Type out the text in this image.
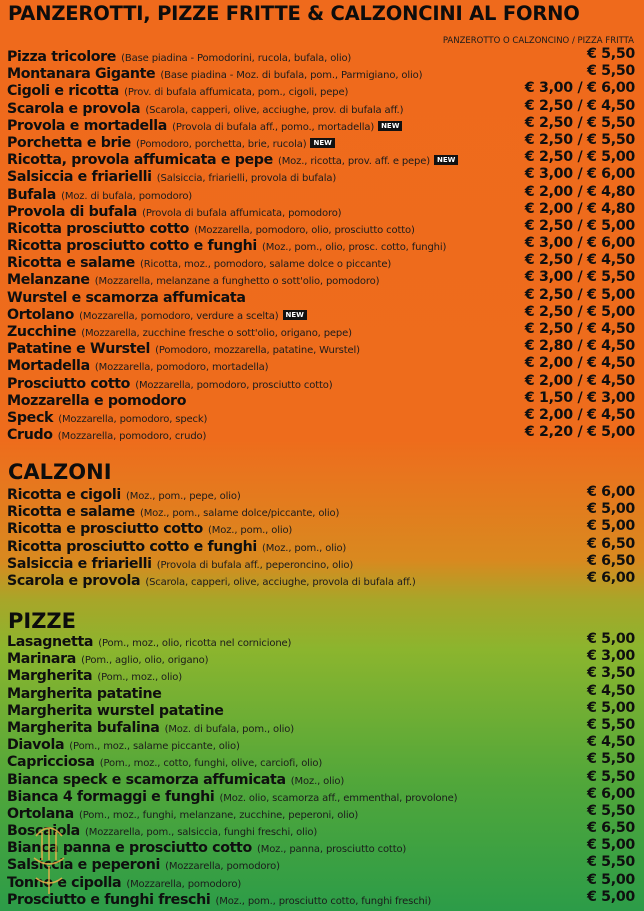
PANZEROTTI, PIZZE FRITTE & CALZONCINI AL FORNO
PANZEROTTO O CALZONCINO / PIZZA FRITTA
Pizza tricolore (Base piadina - Pomodorini, rucola, bufala, olio)	€ 5,50
Montanara Gigante (Base piadina - Moz. di bufala, pom., Parmigiano, olio)	€ 5,50
Cigoli e ricotta (Prov. di bufala affumicata, pom., cigoli, pepe)	€ 3,00 / € 6,00
Scarola e provola (Scarola, capperi, olive, acciughe, prov. di bufala aff.)	€ 2,50 / € 4,50
Provola e mortadella (Provola di bufala aff., pomo., mortadella) NEW	€ 2,50 / € 5,50
Porchetta e brie (Pomodoro, porchetta, brie, rucola) NEW	€ 2,50 / € 5,50
Ricotta, provola affumicata e pepe (Moz., ricotta, prov. aff. e pepe) NEW	€ 2,50 / € 5,00
Salsiccia e friarielli (Salsiccia, friarielli, provola di bufala)	€ 3,00 / € 6,00
Bufala (Moz. di bufala, pomodoro)	€ 2,00 / € 4,80
Provola di bufala (Provola di bufala affumicata, pomodoro)	€ 2,00 / € 4,80
Ricotta prosciutto cotto (Mozzarella, pomodoro, olio, prosciutto cotto)	€ 2,50 / € 5,00
Ricotta prosciutto cotto e funghi (Moz., pom., olio, prosc. cotto, funghi)	€ 3,00 / € 6,00
Ricotta e salame (Ricotta, moz., pomodoro, salame dolce o piccante)	€ 2,50 / € 4,50
Melanzane (Mozzarella, melanzane a funghetto o sott'olio, pomodoro)	€ 3,00 / € 5,50
Wurstel e scamorza affumicata	€ 2,50 / € 5,00
Ortolano (Mozzarella, pomodoro, verdure a scelta) NEW	€ 2,50 / € 5,00
Zucchine (Mozzarella, zucchine fresche o sott'olio, origano, pepe)	€ 2,50 / € 4,50
Patatine e Wurstel (Pomodoro, mozzarella, patatine, Wurstel)	€ 2,80 / € 4,50
Mortadella (Mozzarella, pomodoro, mortadella)	€ 2,00 / € 4,50
Prosciutto cotto (Mozzarella, pomodoro, prosciutto cotto)	€ 2,00 / € 4,50
Mozzarella e pomodoro	€ 1,50 / € 3,00
Speck (Mozzarella, pomodoro, speck)	€ 2,00 / € 4,50
Crudo (Mozzarella, pomodoro, crudo)	€ 2,20 / € 5,00
CALZONI
Ricotta e cigoli (Moz., pom., pepe, olio)	€ 6,00
Ricotta e salame (Moz., pom., salame dolce/piccante, olio)	€ 5,00
Ricotta e prosciutto cotto (Moz., pom., olio)	€ 5,00
Ricotta prosciutto cotto e funghi (Moz., pom., olio)	€ 6,50
Salsiccia e friarielli (Provola di bufala aff., peperoncino, olio)	€ 6,50
Scarola e provola (Scarola, capperi, olive, acciughe, provola di bufala aff.)	€ 6,00
PIZZE
Lasagnetta (Pom., moz., olio, ricotta nel cornicione)	€ 5,00
Marinara (Pom., aglio, olio, origano)	€ 3,00
Margherita (Pom., moz., olio)	€ 3,50
Margherita patatine	€ 4,50
Margherita wurstel patatine	€ 5,00
Margherita bufalina (Moz. di bufala, pom., olio)	€ 5,50
Diavola (Pom., moz., salame piccante, olio)	€ 4,50
Capricciosa (Pom., moz., cotto, funghi, olive, carciofi, olio)	€ 5,50
Bianca speck e scamorza affumicata (Moz., olio)	€ 5,50
Bianca 4 formaggi e funghi (Moz. olio, scamorza aff., emmenthal, provolone)	€ 6,00
Ortolana (Pom., moz., funghi, melanzane, zucchine, peperoni, olio)	€ 5,50
Boscaiola (Mozzarella, pom., salsiccia, funghi freschi, olio)	€ 6,50
Bianca panna e prosciutto cotto (Moz., panna, prosciutto cotto)	€ 5,00
Salsiccia e peperoni (Mozzarella, pomodoro)	€ 5,50
Tonno e cipolla (Mozzarella, pomodoro)	€ 5,00
Prosciutto e funghi freschi (Moz., pom., prosciutto cotto, funghi freschi)	€ 5,00
